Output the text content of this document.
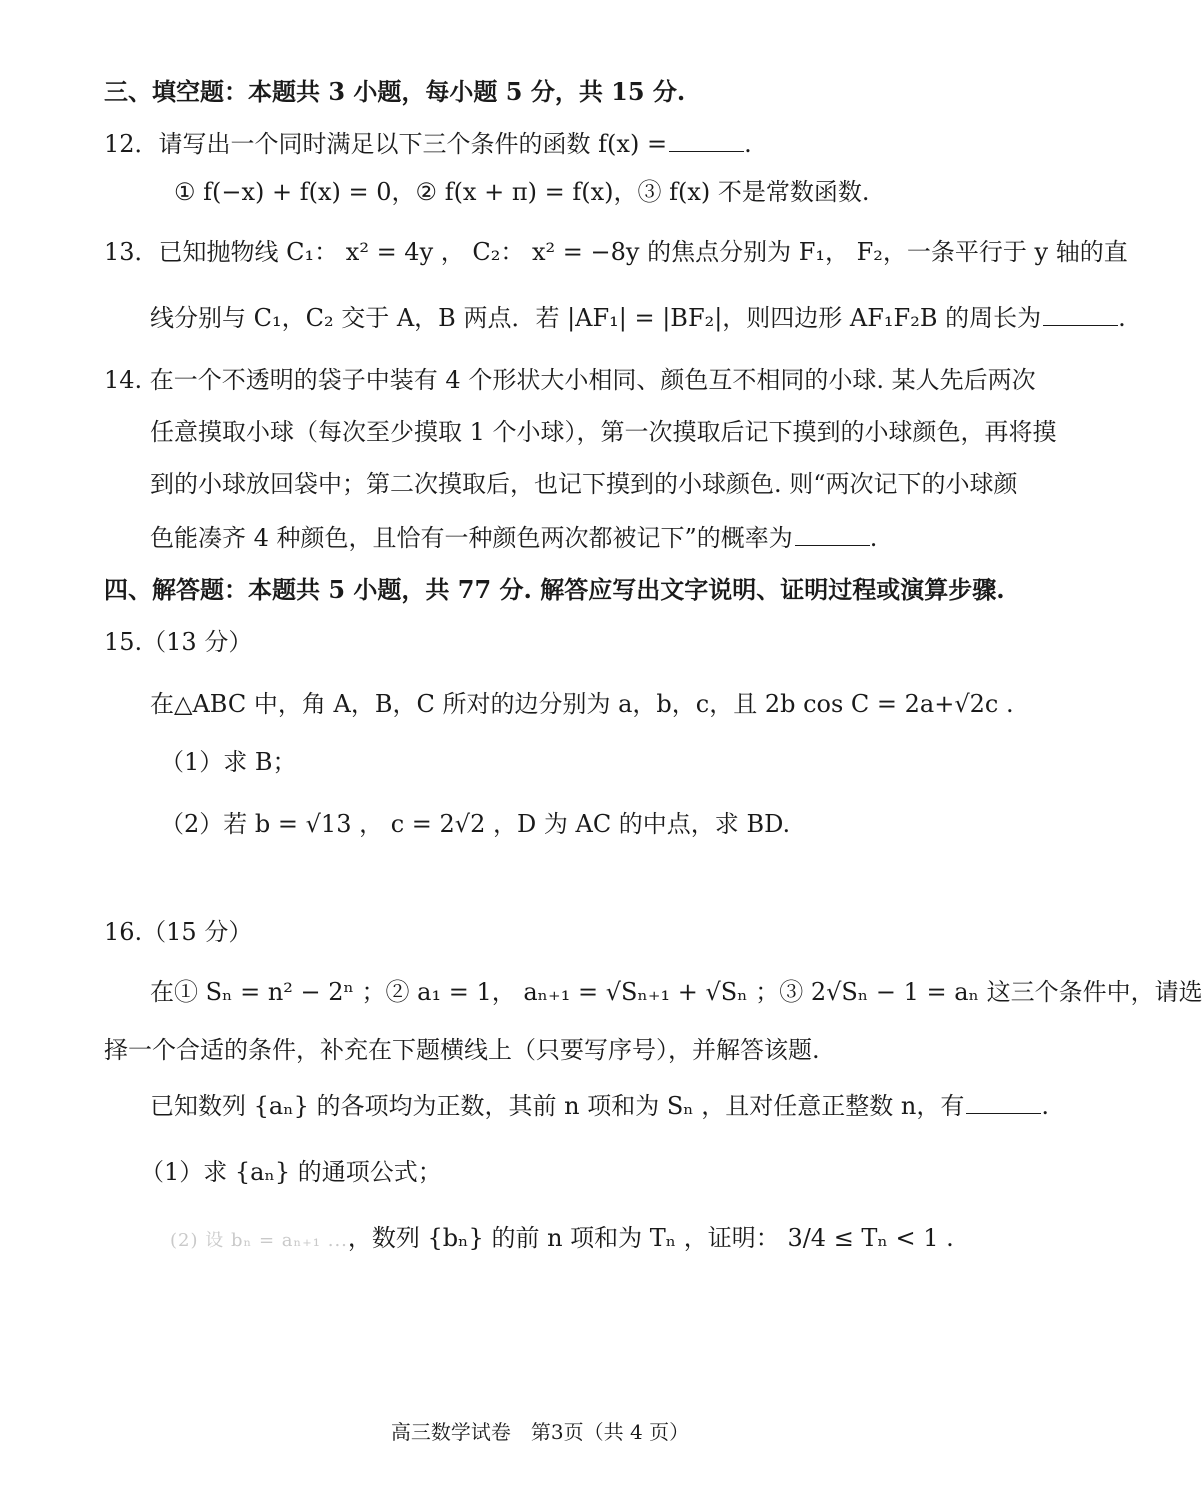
三、填空题：本题共 3 小题，每小题 5 分，共 15 分.
12．请写出一个同时满足以下三个条件的函数 f(x) =	.
① f(−x) + f(x) = 0，② f(x + π) = f(x)，③ f(x) 不是常数函数.
13．已知抛物线 C₁： x² = 4y ， C₂： x² = −8y 的焦点分别为 F₁， F₂，一条平行于 y 轴的直
线分别与 C₁，C₂ 交于 A，B 两点．若 |AF₁| = |BF₂|，则四边形 AF₁F₂B 的周长为	.
14. 在一个不透明的袋子中装有 4 个形状大小相同、颜色互不相同的小球. 某人先后两次
任意摸取小球（每次至少摸取 1 个小球），第一次摸取后记下摸到的小球颜色，再将摸
到的小球放回袋中；第二次摸取后，也记下摸到的小球颜色. 则“两次记下的小球颜
色能凑齐 4 种颜色，且恰有一种颜色两次都被记下”的概率为	.
四、解答题：本题共 5 小题，共 77 分. 解答应写出文字说明、证明过程或演算步骤.
15.（13 分）
在△ABC 中，角 A，B，C 所对的边分别为 a，b，c，且 2b cos C = 2a+√2c .
（1）求 B；
（2）若 b = √13 ， c = 2√2 ，D 为 AC 的中点，求 BD.
16.（15 分）
在① Sₙ = n² − 2ⁿ ；② a₁ = 1， aₙ₊₁ = √Sₙ₊₁ + √Sₙ ；③ 2√Sₙ − 1 = aₙ 这三个条件中，请选
择一个合适的条件，补充在下题横线上（只要写序号），并解答该题.
已知数列 {aₙ} 的各项均为正数，其前 n 项和为 Sₙ ，且对任意正整数 n，有	.
（1）求 {aₙ} 的通项公式；
(2) 设 bₙ = aₙ₊₁ ...，数列 {bₙ} 的前 n 项和为 Tₙ ，证明： 3/4 ≤ Tₙ < 1 .
高三数学试卷　第3页（共 4 页）
